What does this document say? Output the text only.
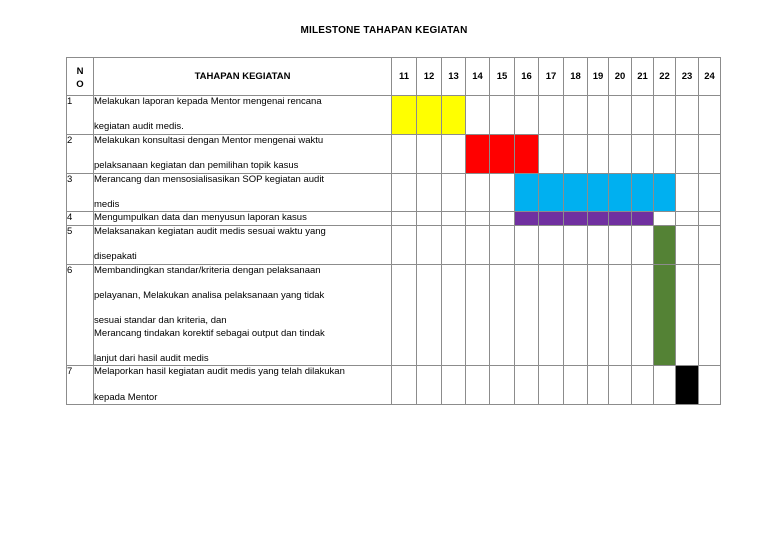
MILESTONE TAHAPAN KEGIATAN
N
O	TAHAPAN KEGIATAN	11	12	13	14	15	16	17	18	19	20	21	22	23	24
1	Melakukan laporan kepada Mentor mengenai rencana
kegiatan audit medis.														

2	Melakukan konsultasi dengan Mentor mengenai waktu
pelaksanaan kegiatan dan pemilihan topik kasus														

3	Merancang dan mensosialisasikan SOP kegiatan audit
medis														

4	Mengumpulkan data dan menyusun laporan kasus														

5	Melaksanakan kegiatan audit medis sesuai waktu yang
disepakati														

6	Membandingkan standar/kriteria dengan pelaksanaan
pelayanan, Melakukan analisa pelaksanaan yang tidak
sesuai standar dan kriteria, dan
Merancang tindakan korektif sebagai output dan tindak
lanjut dari hasil audit medis														

7	Melaporkan hasil kegiatan audit medis yang telah dilakukan
kepada Mentor														
